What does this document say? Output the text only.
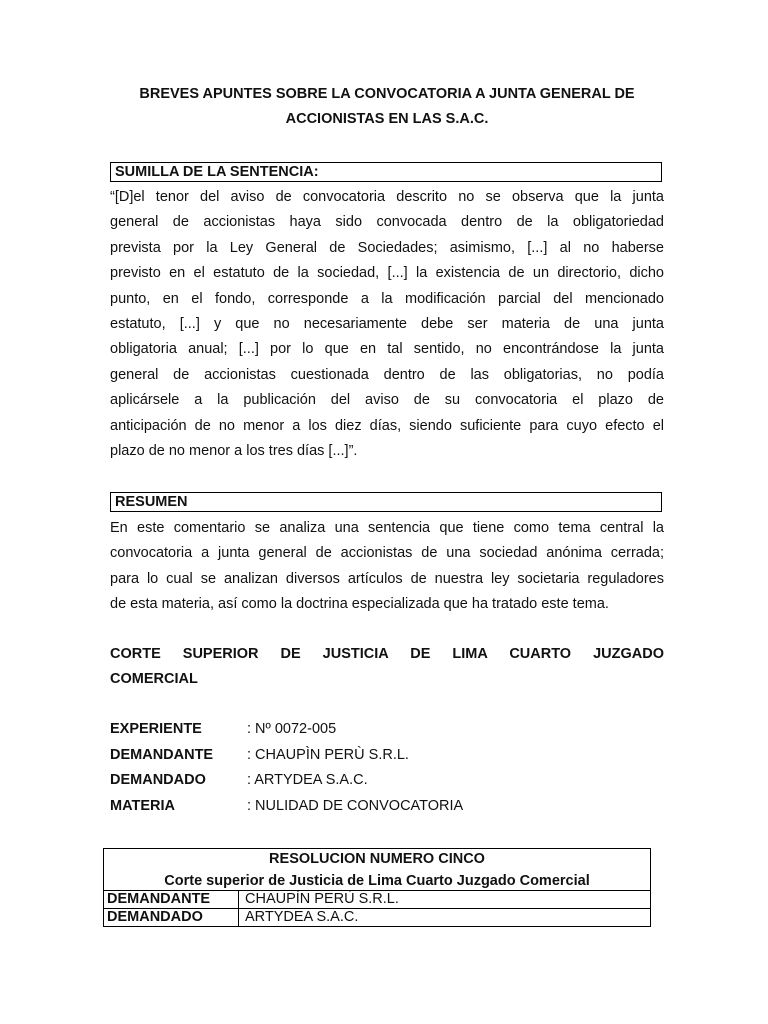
BREVES APUNTES SOBRE LA CONVOCATORIA A JUNTA GENERAL DE
ACCIONISTAS EN LAS S.A.C.
SUMILLA DE LA SENTENCIA:
“[D]el tenor del aviso de convocatoria descrito no se observa que la junta
general de accionistas haya sido convocada dentro de la obligatoriedad
prevista por la Ley General de Sociedades; asimismo, [...] al no haberse
previsto en el estatuto de la sociedad, [...] la existencia de un directorio, dicho
punto, en el fondo, corresponde a la modificación parcial del mencionado
estatuto, [...] y que no necesariamente debe ser materia de una junta
obligatoria anual; [...] por lo que en tal sentido, no encontrándose la junta
general de accionistas cuestionada dentro de las obligatorias, no podía
aplicársele a la publicación del aviso de su convocatoria el plazo de
anticipación de no menor a los diez días, siendo suficiente para cuyo efecto el
plazo de no menor a los tres días [...]”.
RESUMEN
En este comentario se analiza una sentencia que tiene como tema central la
convocatoria a junta general de accionistas de una sociedad anónima cerrada;
para lo cual se analizan diversos artículos de nuestra ley societaria reguladores
de esta materia, así como la doctrina especializada que ha tratado este tema.
CORTE SUPERIOR DE JUSTICIA DE LIMA CUARTO JUZGADO
COMERCIAL
EXPERIENTE	: Nº 0072-005
DEMANDANTE : CHAUPÌN PERÙ S.R.L.
DEMANDADO	: ARTYDEA S.A.C.
MATERIA	: NULIDAD DE CONVOCATORIA
RESOLUCION NUMERO CINCO
Corte superior de Justicia de Lima Cuarto Juzgado Comercial
DEMANDANTE	CHAUPÌN PERÙ S.R.L.
DEMANDADO	ARTYDEA S.A.C.
